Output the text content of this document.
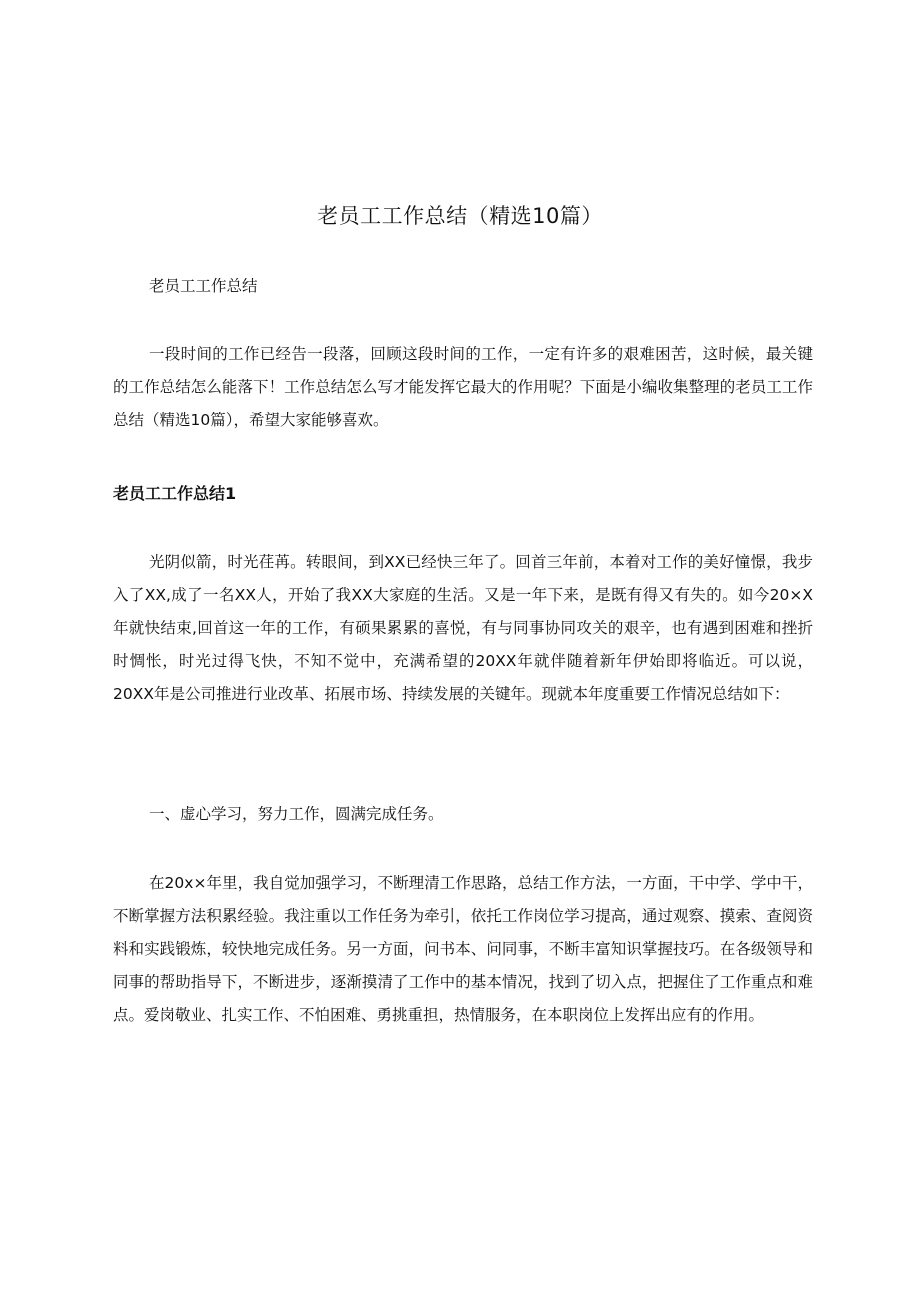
老员工工作总结（精选10篇）

老员工工作总结

一段时间的工作已经告一段落，回顾这段时间的工作，一定有许多的艰难困苦，这时候，最关键的工作总结怎么能落下！工作总结怎么写才能发挥它最大的作用呢？下面是小编收集整理的老员工工作总结（精选10篇），希望大家能够喜欢。

老员工工作总结1

光阴似箭，时光荏苒。转眼间，到XX已经快三年了。回首三年前，本着对工作的美好憧憬，我步入了XX,成了一名XX人，开始了我XX大家庭的生活。又是一年下来，是既有得又有失的。如今20×X年就快结束,回首这一年的工作，有硕果累累的喜悦，有与同事协同攻关的艰辛，也有遇到困难和挫折时惆怅，时光过得飞快，不知不觉中，充满希望的20XX年就伴随着新年伊始即将临近。可以说，20XX年是公司推进行业改革、拓展市场、持续发展的关键年。现就本年度重要工作情况总结如下：

一、虚心学习，努力工作，圆满完成任务。

在20x×年里，我自觉加强学习，不断理清工作思路，总结工作方法，一方面，干中学、学中干，不断掌握方法积累经验。我注重以工作任务为牵引，依托工作岗位学习提高，通过观察、摸索、查阅资料和实践锻炼，较快地完成任务。另一方面，问书本、问同事，不断丰富知识掌握技巧。在各级领导和同事的帮助指导下，不断进步，逐渐摸清了工作中的基本情况，找到了切入点，把握住了工作重点和难点。爱岗敬业、扎实工作、不怕困难、勇挑重担，热情服务，在本职岗位上发挥出应有的作用。
